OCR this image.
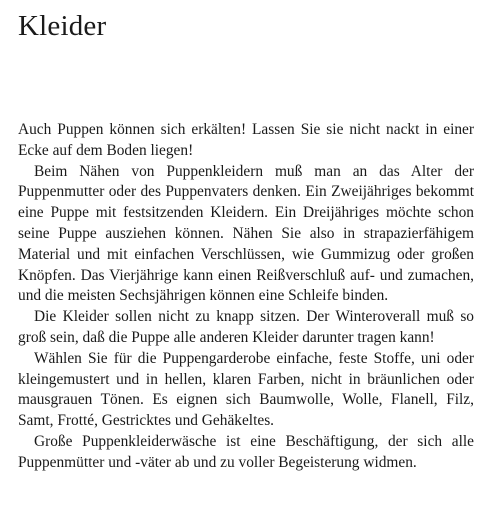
Kleider

Auch Puppen können sich erkälten! Lassen Sie sie nicht nackt in einer Ecke auf dem Boden liegen!

Beim Nähen von Puppenkleidern muß man an das Alter der Puppenmutter oder des Puppenvaters denken. Ein Zweijähriges bekommt eine Puppe mit festsitzenden Kleidern. Ein Dreijähriges möchte schon seine Puppe ausziehen können. Nähen Sie also in strapazierfähigem Material und mit einfachen Verschlüssen, wie Gummizug oder großen Knöpfen. Das Vierjährige kann einen Reißverschluß auf- und zumachen, und die meisten Sechsjährigen können eine Schleife binden.

Die Kleider sollen nicht zu knapp sitzen. Der Winteroverall muß so groß sein, daß die Puppe alle anderen Kleider darunter tragen kann!

Wählen Sie für die Puppengarderobe einfache, feste Stoffe, uni oder kleingemustert und in hellen, klaren Farben, nicht in bräunlichen oder mausgrauen Tönen. Es eignen sich Baumwolle, Wolle, Flanell, Filz, Samt, Frotté, Gestricktes und Gehäkeltes.

Große Puppenkleiderwäsche ist eine Beschäftigung, der sich alle Puppenmütter und -väter ab und zu voller Begeisterung widmen.
